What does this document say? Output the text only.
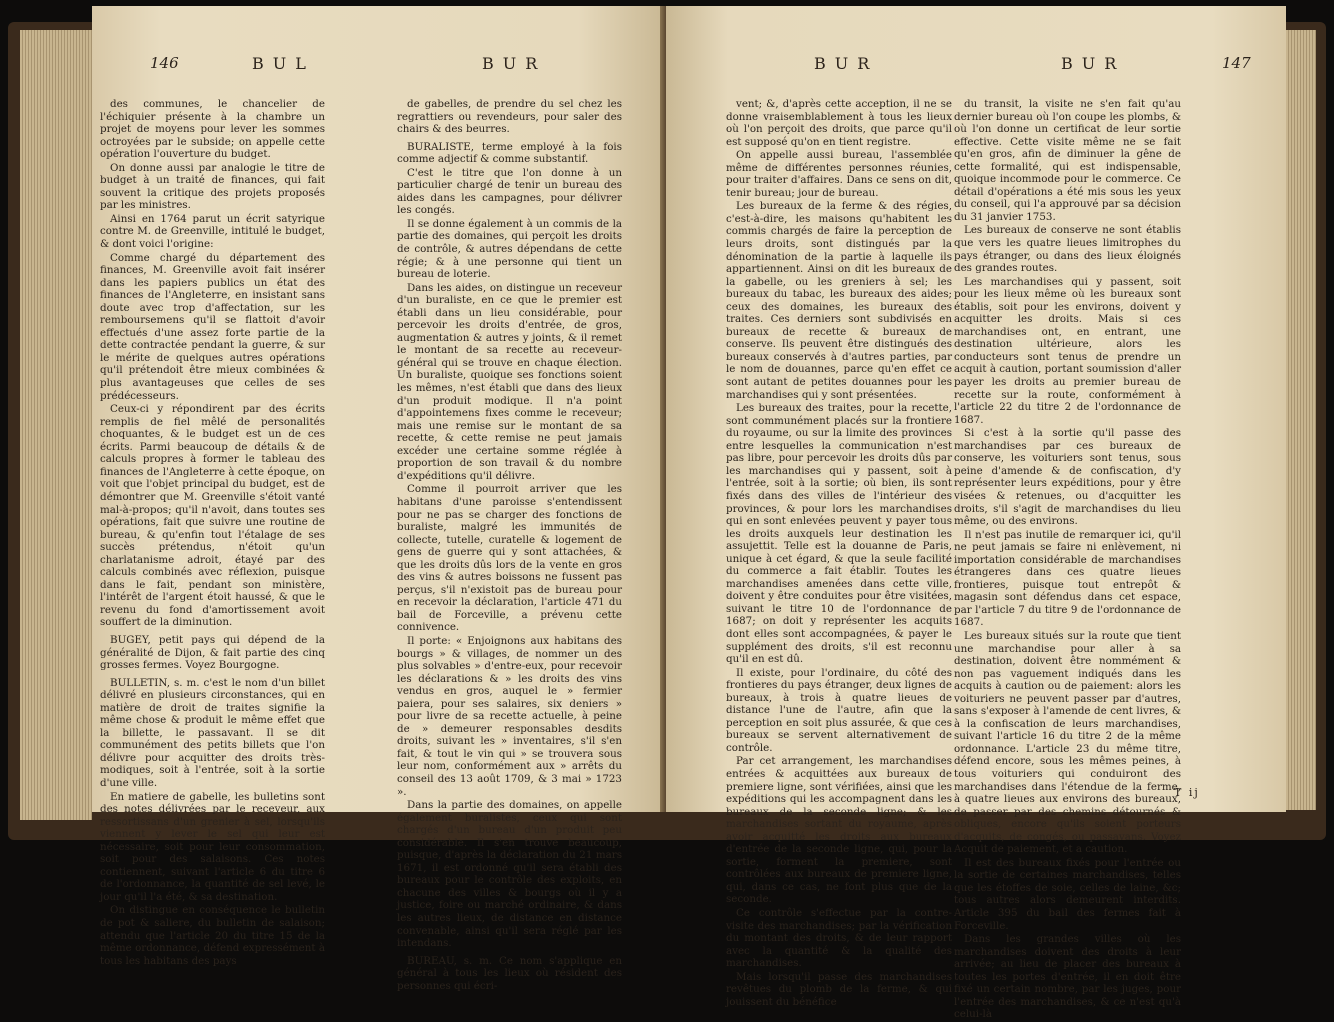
146	BUL	BUR

des communes, le chancelier de l'échiquier présente à la chambre un projet de moyens pour lever les sommes octroyées par le subside; on appelle cette opération l'ouverture du budget.

On donne aussi par analogie le titre de budget à un traité de finances, qui fait souvent la critique des projets proposés par les ministres.

Ainsi en 1764 parut un écrit satyrique contre M. de Greenville, intitulé le budget, & dont voici l'origine:

Comme chargé du département des finances, M. Greenville avoit fait insérer dans les papiers publics un état des finances de l'Angleterre, en insistant sans doute avec trop d'affectation, sur les remboursemens qu'il se flattoit d'avoir effectués d'une assez forte partie de la dette contractée pendant la guerre, & sur le mérite de quelques autres opérations qu'il prétendoit être mieux combinées & plus avantageuses que celles de ses prédécesseurs.

Ceux-ci y répondirent par des écrits remplis de fiel mêlé de personalités choquantes, & le budget est un de ces écrits. Parmi beaucoup de détails & de calculs propres à former le tableau des finances de l'Angleterre à cette époque, on voit que l'objet principal du budget, est de démontrer que M. Greenville s'étoit vanté mal-à-propos; qu'il n'avoit, dans toutes ses opérations, fait que suivre une routine de bureau, & qu'enfin tout l'étalage de ses succès prétendus, n'étoit qu'un charlatanisme adroit, étayé par des calculs combinés avec réflexion, puisque dans le fait, pendant son ministère, l'intérêt de l'argent étoit haussé, & que le revenu du fond d'amortissement avoit souffert de la diminution.

BUGEY, petit pays qui dépend de la généralité de Dijon, & fait partie des cinq grosses fermes. Voyez Bourgogne.

BULLETIN, s. m. c'est le nom d'un billet délivré en plusieurs circonstances, qui en matière de droit de traites signifie la même chose & produit le même effet que la billette, le passavant. Il se dit communément des petits billets que l'on délivre pour acquitter des droits très-modiques, soit à l'entrée, soit à la sortie d'une ville.

En matiere de gabelle, les bulletins sont des notes délivrées par le receveur, aux ressortissans d'un grenier à sel, lorsqu'ils viennent y lever le sel qui leur est nécessaire, soit pour leur consommation, soit pour des salaisons. Ces notes contiennent, suivant l'article 6 du titre 6 de l'ordonnance, la quantité de sel levé, le jour qu'il l'a été, & sa destination.

On distingue en conséquence le bulletin de pot & saliere, du bulletin de salaison; attendu que l'article 20 du titre 15 de la même ordonnance, défend expressément à tous les habitans des pays

de gabelles, de prendre du sel chez les regrattiers ou revendeurs, pour saler des chairs & des beurres.

BURALISTE, terme employé à la fois comme adjectif & comme substantif.

C'est le titre que l'on donne à un particulier chargé de tenir un bureau des aides dans les campagnes, pour délivrer les congés.

Il se donne également à un commis de la partie des domaines, qui perçoit les droits de contrôle, & autres dépendans de cette régie; & à une personne qui tient un bureau de loterie.

Dans les aides, on distingue un receveur d'un buraliste, en ce que le premier est établi dans un lieu considérable, pour percevoir les droits d'entrée, de gros, augmentation & autres y joints, & il remet le montant de sa recette au receveur-général qui se trouve en chaque élection. Un buraliste, quoique ses fonctions soient les mêmes, n'est établi que dans des lieux d'un produit modique. Il n'a point d'appointemens fixes comme le receveur; mais une remise sur le montant de sa recette, & cette remise ne peut jamais excéder une certaine somme réglée à proportion de son travail & du nombre d'expéditions qu'il délivre.

Comme il pourroit arriver que les habitans d'une paroisse s'entendissent pour ne pas se charger des fonctions de buraliste, malgré les immunités de collecte, tutelle, curatelle & logement de gens de guerre qui y sont attachées, & que les droits dûs lors de la vente en gros des vins & autres boissons ne fussent pas perçus, s'il n'existoit pas de bureau pour en recevoir la déclaration, l'article 471 du bail de Forceville, a prévenu cette connivence.

Il porte: « Enjoignons aux habitans des bourgs » & villages, de nommer un des plus solvables » d'entre-eux, pour recevoir les déclarations & » les droits des vins vendus en gros, auquel le » fermier paiera, pour ses salaires, six deniers » pour livre de sa recette actuelle, à peine de » demeurer responsables desdits droits, suivant les » inventaires, s'il s'en fait, & tout le vin qui » se trouvera sous leur nom, conformément aux » arrêts du conseil des 13 août 1709, & 3 mai » 1723 ».

Dans la partie des domaines, on appelle également buralistes, ceux qui sont chargés d'un bureau d'un produit peu considérable. Il s'en trouve beaucoup, puisque, d'après la déclaration du 21 mars 1671, il est ordonné qu'il sera établi des bureaux pour le contrôle des exploits, en chacune des villes & bourgs où il y a justice, foire ou marché ordinaire, & dans les autres lieux, de distance en distance convenable, ainsi qu'il sera réglé par les intendans.

BUREAU, s. m. Ce nom s'applique en général à tous les lieux où résident des personnes qui écri-

BUR	BUR	147

vent; &, d'après cette acception, il ne se donne vraisemblablement à tous les lieux où l'on perçoit des droits, que parce qu'il est supposé qu'on en tient registre.

On appelle aussi bureau, l'assemblée même de différentes personnes réunies, pour traiter d'affaires. Dans ce sens on dit, tenir bureau; jour de bureau.

Les bureaux de la ferme & des régies, c'est-à-dire, les maisons qu'habitent les commis chargés de faire la perception de leurs droits, sont distingués par la dénomination de la partie à laquelle ils appartiennent. Ainsi on dit les bureaux de la gabelle, ou les greniers à sel; les bureaux du tabac, les bureaux des aides; ceux des domaines, les bureaux des traites. Ces derniers sont subdivisés en bureaux de recette & bureaux de conserve. Ils peuvent être distingués des bureaux conservés à d'autres parties, par le nom de douannes, parce qu'en effet ce sont autant de petites douannes pour les marchandises qui y sont présentées.

Les bureaux des traites, pour la recette, sont communément placés sur la frontiere du royaume, ou sur la limite des provinces entre lesquelles la communication n'est pas libre, pour percevoir les droits dûs par les marchandises qui y passent, soit à l'entrée, soit à la sortie; où bien, ils sont fixés dans des villes de l'intérieur des provinces, & pour lors les marchandises qui en sont enlevées peuvent y payer tous les droits auxquels leur destination les assujettit. Telle est la douanne de Paris, unique à cet égard, & que la seule facilité du commerce a fait établir. Toutes les marchandises amenées dans cette ville, doivent y être conduites pour être visitées, suivant le titre 10 de l'ordonnance de 1687; on doit y représenter les acquits dont elles sont accompagnées, & payer le supplément des droits, s'il est reconnu qu'il en est dû.

Il existe, pour l'ordinaire, du côté des frontieres du pays étranger, deux lignes de bureaux, à trois à quatre lieues de distance l'une de l'autre, afin que la perception en soit plus assurée, & que ces bureaux se servent alternativement de contrôle.

Par cet arrangement, les marchandises entrées & acquittées aux bureaux de premiere ligne, sont vérifiées, ainsi que les expéditions qui les accompagnent dans les bureaux de la seconde ligne; & les marchandises sortant du royaume, après avoir acquitté les droits aux bureaux d'entrée de la seconde ligne, qui, pour la sortie, forment la premiere, sont contrôlées aux bureaux de premiere ligne, qui, dans ce cas, ne font plus que de la seconde.

Ce contrôle s'effectue par la contre-visite des marchandises; par la vérification du montant des droits, & de leur rapport avec la quantité & la qualité des marchandises.

Mais lorsqu'il passe des marchandises revêtues du plomb de la ferme, & qui jouissent du bénéfice

du transit, la visite ne s'en fait qu'au dernier bureau où l'on coupe les plombs, & où l'on donne un certificat de leur sortie effective. Cette visite même ne se fait qu'en gros, afin de diminuer la gêne de cette formalité, qui est indispensable, quoique incommode pour le commerce. Ce détail d'opérations a été mis sous les yeux du conseil, qui l'a approuvé par sa décision du 31 janvier 1753.

Les bureaux de conserve ne sont établis que vers les quatre lieues limitrophes du pays étranger, ou dans des lieux éloignés des grandes routes.

Les marchandises qui y passent, soit pour les lieux même où les bureaux sont établis, soit pour les environs, doivent y acquitter les droits. Mais si ces marchandises ont, en entrant, une destination ultérieure, alors les conducteurs sont tenus de prendre un acquit à caution, portant soumission d'aller payer les droits au premier bureau de recette sur la route, conformément à l'article 22 du titre 2 de l'ordonnance de 1687.

Si c'est à la sortie qu'il passe des marchandises par ces bureaux de conserve, les voituriers sont tenus, sous peine d'amende & de confiscation, d'y représenter leurs expéditions, pour y être visées & retenues, ou d'acquitter les droits, s'il s'agit de marchandises du lieu même, ou des environs.

Il n'est pas inutile de remarquer ici, qu'il ne peut jamais se faire ni enlèvement, ni importation considérable de marchandises étrangeres dans ces quatre lieues frontieres, puisque tout entrepôt & magasin sont défendus dans cet espace, par l'article 7 du titre 9 de l'ordonnance de 1687.

Les bureaux situés sur la route que tient une marchandise pour aller à sa destination, doivent être nommément & non pas vaguement indiqués dans les acquits à caution ou de paiement: alors les voituriers ne peuvent passer par d'autres, sans s'exposer à l'amende de cent livres, & à la confiscation de leurs marchandises, suivant l'article 16 du titre 2 de la même ordonnance. L'article 23 du même titre, défend encore, sous les mêmes peines, à tous voituriers qui conduiront des marchandises dans l'étendue de la ferme, à quatre lieues aux environs des bureaux, de passer par des chemins détournés & obliques, encore qu'ils soient porteurs d'acquits, de congés, ou passavans. Voyez Acquit de paiement, et a caution.

Il est des bureaux fixés pour l'entrée ou la sortie de certaines marchandises, telles que les étoffes de soie, celles de laine, &c; tous autres alors demeurent interdits. Article 395 du bail des fermes fait à Forceville.

Dans les grandes villes où les marchandises doivent des droits à leur arrivée; au lieu de placer des bureaux à toutes les portes d'entrée, il en doit être fixé un certain nombre, par les juges, pour l'entrée des marchandises, & ce n'est qu'à celui-là

T ij
